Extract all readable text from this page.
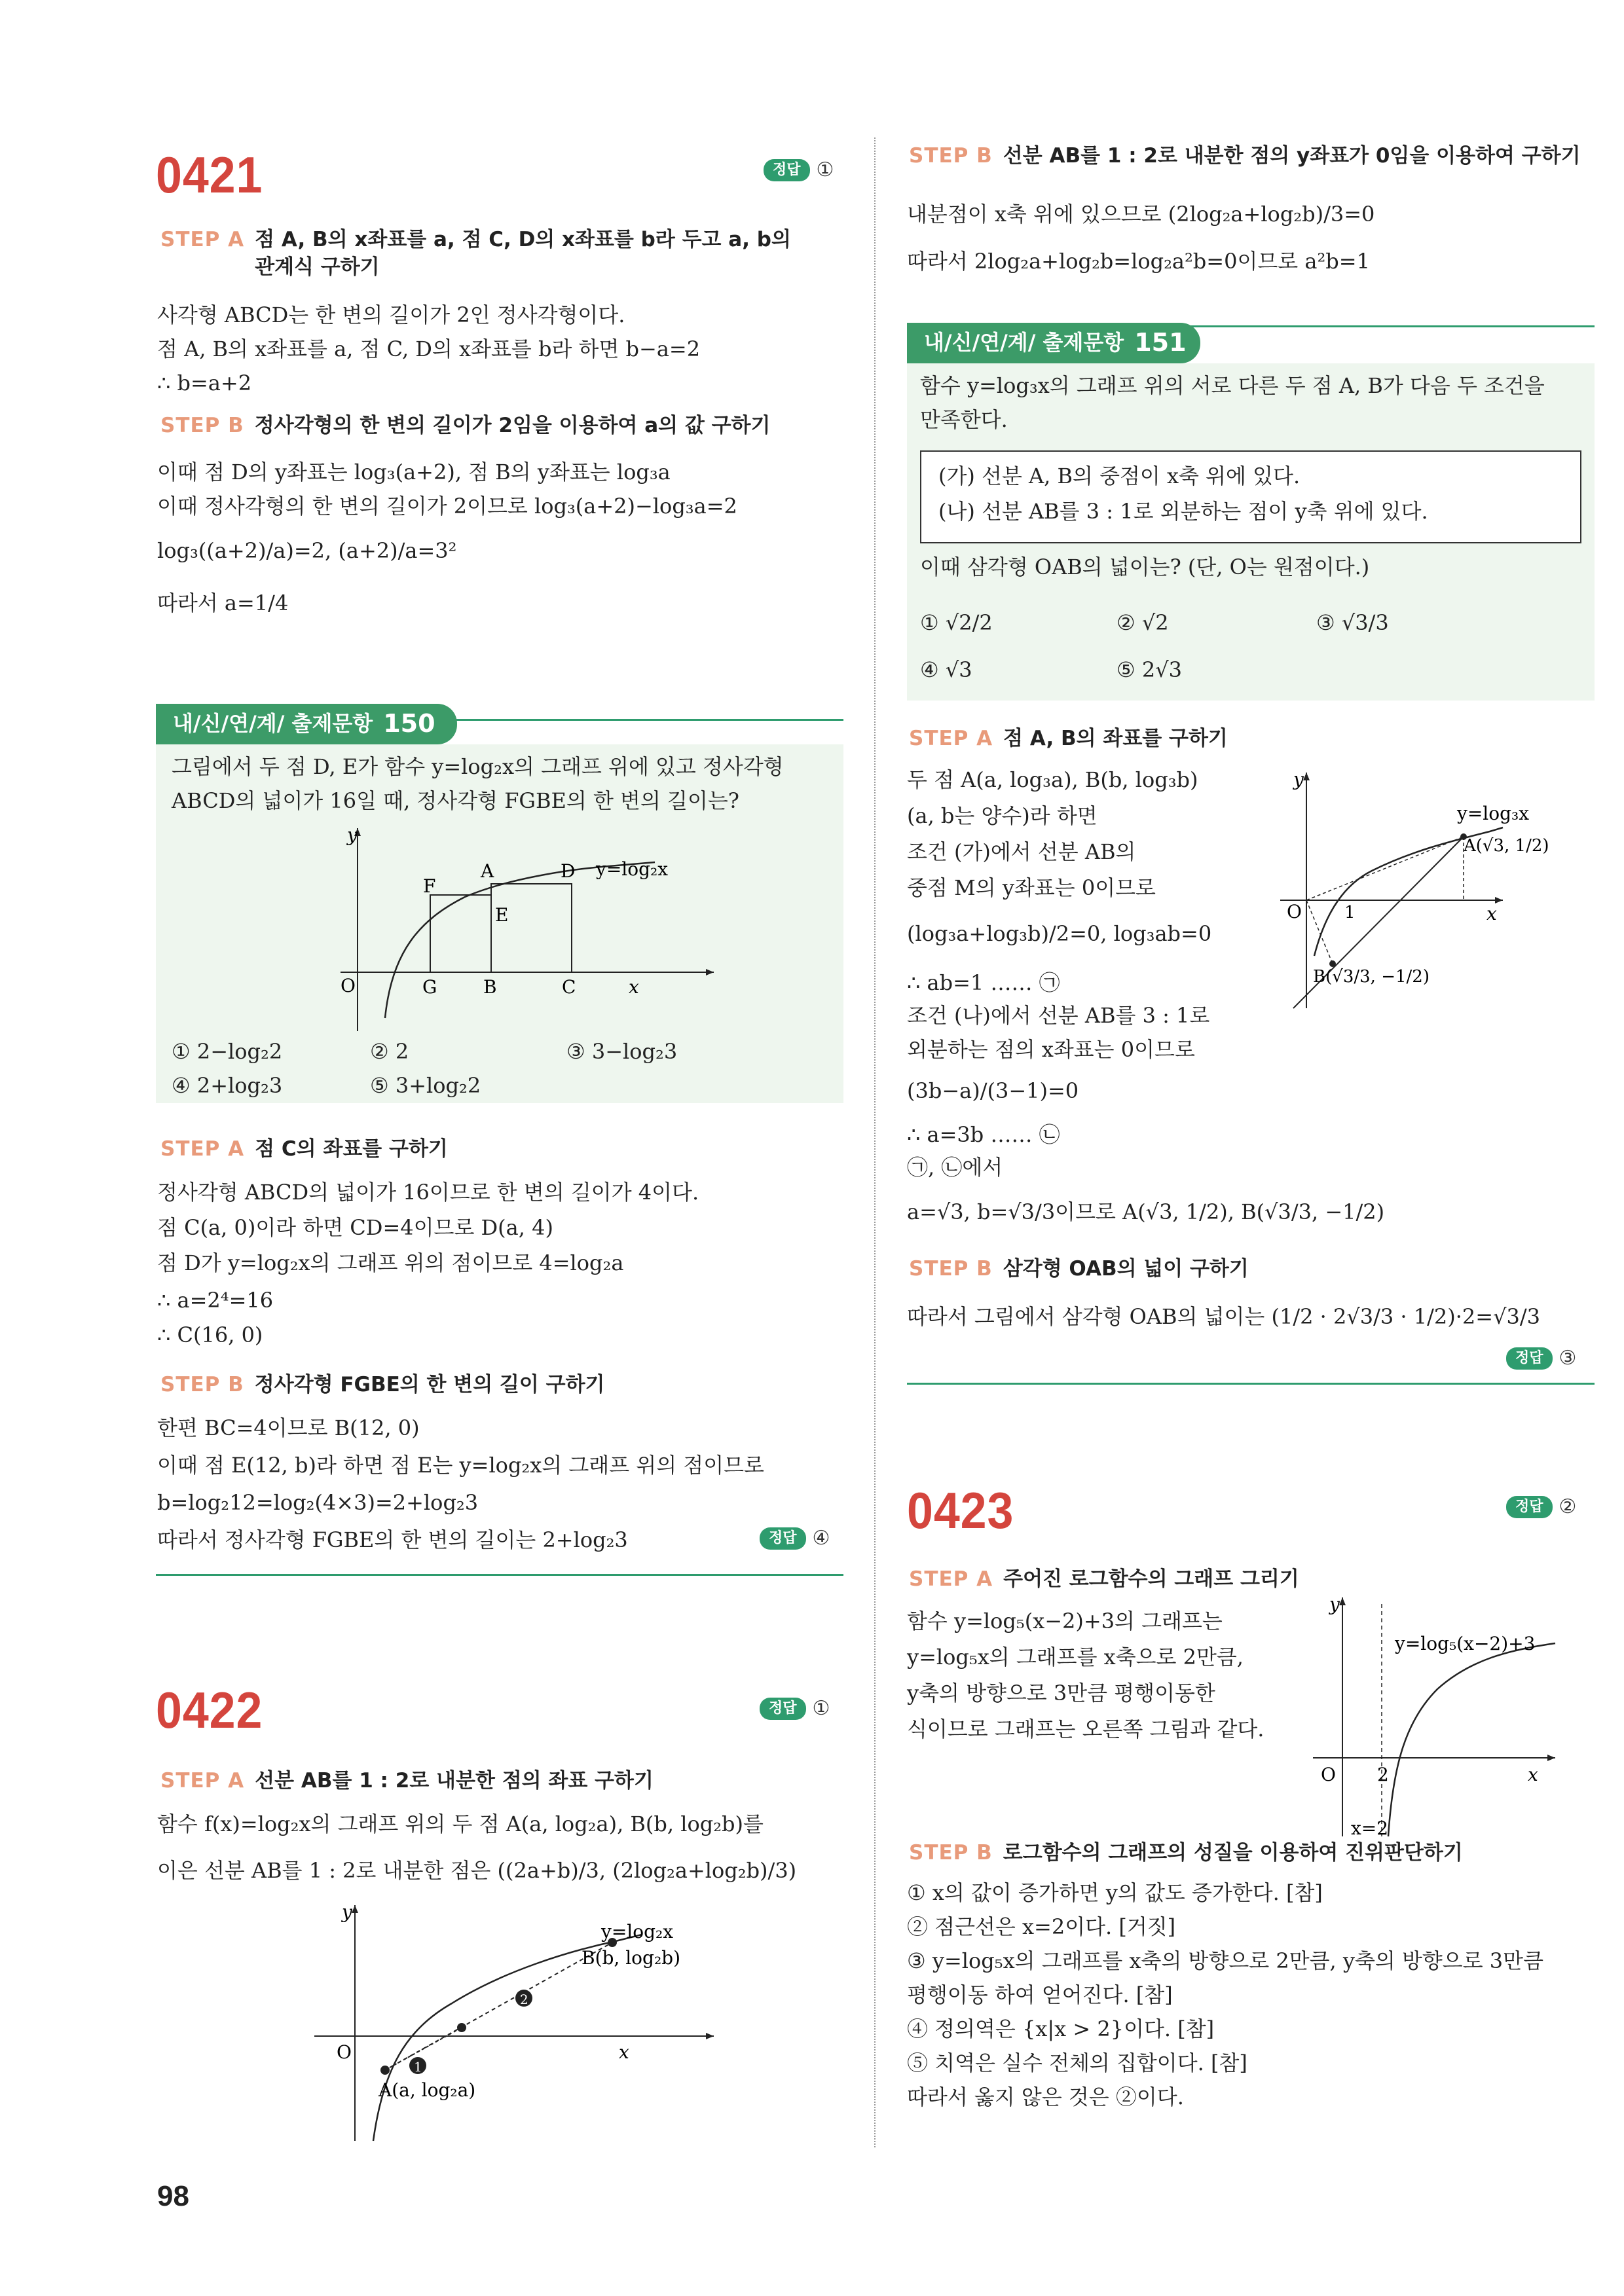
0421	정답 ①
STEP A 점 A, B의 x좌표를 a, 점 C, D의 x좌표를 b라 두고 a, b의
관계식 구하기
사각형 ABCD는 한 변의 길이가 2인 정사각형이다.
점 A, B의 x좌표를 a, 점 C, D의 x좌표를 b라 하면 b−a=2
∴ b=a+2
STEP B 정사각형의 한 변의 길이가 2임을 이용하여 a의 값 구하기
이때 점 D의 y좌표는 log₃(a+2), 점 B의 y좌표는 log₃a
이때 정사각형의 한 변의 길이가 2이므로 log₃(a+2)−log₃a=2
log₃((a+2)/a)=2, (a+2)/a=3²
따라서 a=1/4
내/신/연/계/ 출제문항 150
그림에서 두 점 D, E가 함수 y=log₂x의 그래프 위에 있고 정사각형
ABCD의 넓이가 16일 때, 정사각형 FGBE의 한 변의 길이는?
y
O
F
A	D
E
G	B	C	x
y=log₂x
① 2−log₂2	② 2	③ 3−log₂3
④ 2+log₂3	⑤ 3+log₂2
STEP A 점 C의 좌표를 구하기
정사각형 ABCD의 넓이가 16이므로 한 변의 길이가 4이다.
점 C(a, 0)이라 하면 CD=4이므로 D(a, 4)
점 D가 y=log₂x의 그래프 위의 점이므로 4=log₂a
∴ a=2⁴=16
∴ C(16, 0)
STEP B 정사각형 FGBE의 한 변의 길이 구하기
한편 BC=4이므로 B(12, 0)
이때 점 E(12, b)라 하면 점 E는 y=log₂x의 그래프 위의 점이므로
b=log₂12=log₂(4×3)=2+log₂3
따라서 정사각형 FGBE의 한 변의 길이는 2+log₂3	정답 ④
0422	정답 ①
STEP A 선분 AB를 1 : 2로 내분한 점의 좌표 구하기
함수 f(x)=log₂x의 그래프 위의 두 점 A(a, log₂a), B(b, log₂b)를
이은 선분 AB를 1 : 2로 내분한 점은 ((2a+b)/3, (2log₂a+log₂b)/3)
1
2
y
O	x
y=log₂x
B(b, log₂b)
A(a, log₂a)
98
STEP B 선분 AB를 1 : 2로 내분한 점의 y좌표가 0임을 이용하여 구하기
내분점이 x축 위에 있으므로 (2log₂a+log₂b)/3=0
따라서 2log₂a+log₂b=log₂a²b=0이므로 a²b=1
내/신/연/계/ 출제문항 151
함수 y=log₃x의 그래프 위의 서로 다른 두 점 A, B가 다음 두 조건을
만족한다.
(가) 선분 A, B의 중점이 x축 위에 있다.
(나) 선분 AB를 3 : 1로 외분하는 점이 y축 위에 있다.
이때 삼각형 OAB의 넓이는? (단, O는 원점이다.)
① √2/2	② √2	③ √3/3
④ √3	⑤ 2√3
STEP A 점 A, B의 좌표를 구하기
두 점 A(a, log₃a), B(b, log₃b)
(a, b는 양수)라 하면
조건 (가)에서 선분 AB의
중점 M의 y좌표는 0이므로
(log₃a+log₃b)/2=0, log₃ab=0
∴ ab=1 …… ㉠
조건 (나)에서 선분 AB를 3 : 1로
외분하는 점의 x좌표는 0이므로
(3b−a)/(3−1)=0
∴ a=3b …… ㉡
㉠, ㉡에서
a=√3, b=√3/3이므로 A(√3, 1/2), B(√3/3, −1/2)
y
O	1	x
y=log₃x
A(√3, 1/2)
B(√3/3, −1/2)
STEP B 삼각형 OAB의 넓이 구하기
따라서 그림에서 삼각형 OAB의 넓이는 (1/2 · 2√3/3 · 1/2)·2=√3/3
정답 ③
0423	정답 ②
STEP A 주어진 로그함수의 그래프 그리기
함수 y=log₅(x−2)+3의 그래프는
y=log₅x의 그래프를 x축으로 2만큼,
y축의 방향으로 3만큼 평행이동한
식이므로 그래프는 오른쪽 그림과 같다.
y
O 2	x
y=log₅(x−2)+3
x=2
STEP B 로그함수의 그래프의 성질을 이용하여 진위판단하기
① x의 값이 증가하면 y의 값도 증가한다. [참]
② 점근선은 x=2이다. [거짓]
③ y=log₅x의 그래프를 x축의 방향으로 2만큼, y축의 방향으로 3만큼
평행이동 하여 얻어진다. [참]
④ 정의역은 {x|x > 2}이다. [참]
⑤ 치역은 실수 전체의 집합이다. [참]
따라서 옳지 않은 것은 ②이다.
